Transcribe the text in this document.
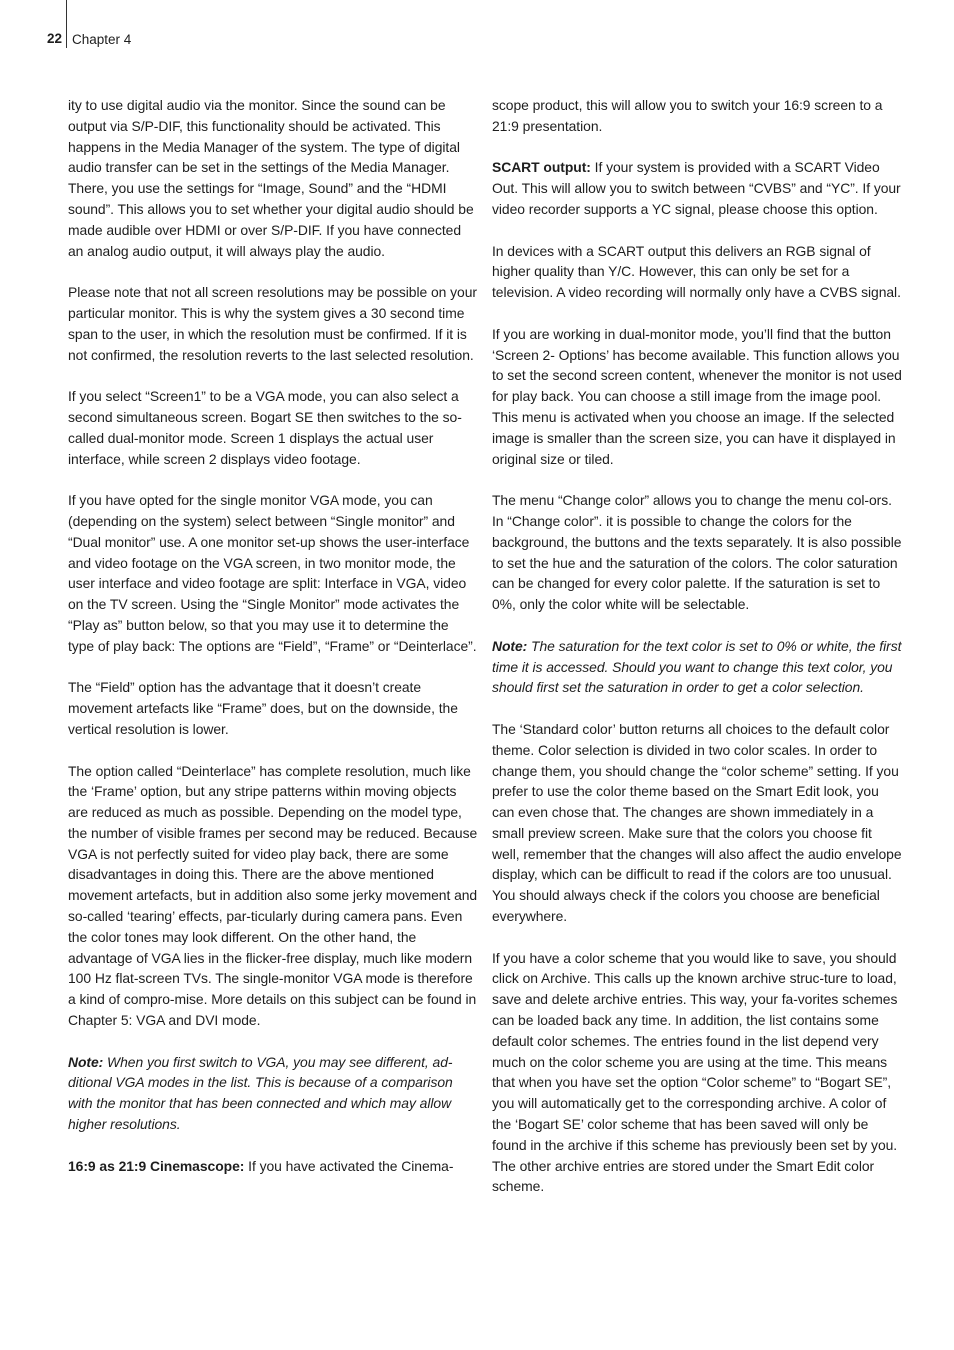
22 Chapter 4

ity to use digital audio via the monitor. Since the sound can be output via S/P-DIF, this functionality should be activated. This happens in the Media Manager of the system. The type of digital audio transfer can be set in the settings of the Media Manager. There, you use the settings for “Image, Sound” and the “HDMI sound”. This allows you to set whether your digital audio should be made audible over HDMI or over S/P-DIF. If you have connected an analog audio output, it will always play the audio.

Please note that not all screen resolutions may be possible on your particular monitor. This is why the system gives a 30 second time span to the user, in which the resolution must be confirmed. If it is not confirmed, the resolution reverts to the last selected resolution.

If you select “Screen1” to be a VGA mode, you can also select a second simultaneous screen. Bogart SE then switches to the so-called dual-monitor mode. Screen 1 displays the actual user interface, while screen 2 displays video footage.

If you have opted for the single monitor VGA mode, you can (depending on the system) select between “Single monitor” and “Dual monitor” use. A one monitor set-up shows the user-interface and video footage on the VGA screen, in two monitor mode, the user interface and video footage are split: Interface in VGA, video on the TV screen. Using the “Single Monitor” mode activates the “Play as” button below, so that you may use it to determine the type of play back: The options are “Field”, “Frame” or “Deinterlace”.

The “Field” option has the advantage that it doesn’t create movement artefacts like “Frame” does, but on the downside, the vertical resolution is lower.

The option called “Deinterlace” has complete resolution, much like the ‘Frame’ option, but any stripe patterns within moving objects are reduced as much as possible. Depending on the model type, the number of visible frames per second may be reduced. Because VGA is not perfectly suited for video play back, there are some disadvantages in doing this. There are the above mentioned movement artefacts, but in addition also some jerky movement and so-called ‘tearing’ effects, par-ticularly during camera pans. Even the color tones may look different. On the other hand, the advantage of VGA lies in the flicker-free display, much like modern 100 Hz flat-screen TVs. The single-monitor VGA mode is therefore a kind of compro-mise. More details on this subject can be found in Chapter 5: VGA and DVI mode.

Note: When you first switch to VGA, you may see different, ad-ditional VGA modes in the list. This is because of a comparison with the monitor that has been connected and which may allow higher resolutions.

16:9 as 21:9 Cinemascope: If you have activated the Cinema-

scope product, this will allow you to switch your 16:9 screen to a 21:9 presentation.

SCART output: If your system is provided with a SCART Video Out. This will allow you to switch between “CVBS” and “YC”. If your video recorder supports a YC signal, please choose this option.

In devices with a SCART output this delivers an RGB signal of higher quality than Y/C. However, this can only be set for a television. A video recording will normally only have a CVBS signal.

If you are working in dual-monitor mode, you’ll find that the button ‘Screen 2- Options’ has become available. This function allows you to set the second screen content, whenever the monitor is not used for play back. You can choose a still image from the image pool. This menu is activated when you choose an image. If the selected image is smaller than the screen size, you can have it displayed in original size or tiled.

The menu “Change color” allows you to change the menu col-ors. In “Change color”. it is possible to change the colors for the background, the buttons and the texts separately. It is also possible to set the hue and the saturation of the colors. The color saturation can be changed for every color palette. If the saturation is set to 0%, only the color white will be selectable.

Note: The saturation for the text color is set to 0% or white, the first time it is accessed. Should you want to change this text color, you should first set the saturation in order to get a color selection.

The ‘Standard color’ button returns all choices to the default color theme. Color selection is divided in two color scales. In order to change them, you should change the “color scheme” setting. If you prefer to use the color theme based on the Smart Edit look, you can even chose that. The changes are shown immediately in a small preview screen. Make sure that the colors you choose fit well, remember that the changes will also affect the audio envelope display, which can be difficult to read if the colors are too unusual. You should always check if the colors you choose are beneficial everywhere.

If you have a color scheme that you would like to save, you should click on Archive. This calls up the known archive struc-ture to load, save and delete archive entries. This way, your fa-vorites schemes can be loaded back any time. In addition, the list contains some default color schemes. The entries found in the list depend very much on the color scheme you are using at the time. This means that when you have set the option “Color scheme” to “Bogart SE”, you will automatically get to the corresponding archive. A color of the ‘Bogart SE’ color scheme that has been saved will only be found in the archive if this scheme has previously been set by you. The other archive entries are stored under the Smart Edit color scheme.
